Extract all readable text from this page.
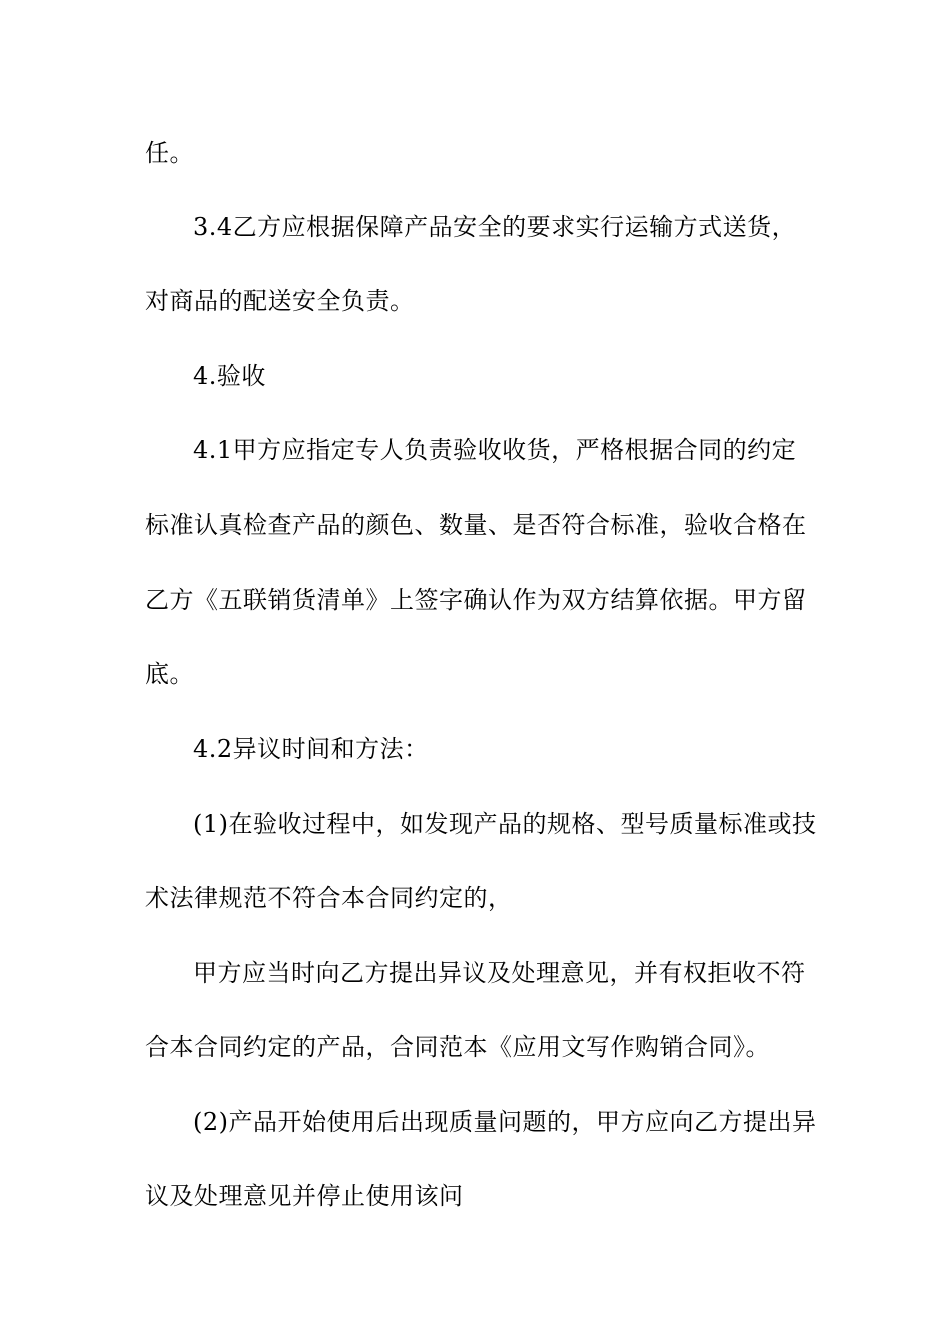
任。
3.4乙方应根据保障产品安全的要求实行运输方式送货，
对商品的配送安全负责。
4.验收
4.1甲方应指定专人负责验收收货，严格根据合同的约定
标准认真检查产品的颜色、数量、是否符合标准，验收合格在
乙方《五联销货清单》上签字确认作为双方结算依据。甲方留
底。
4.2异议时间和方法：
(1)在验收过程中，如发现产品的规格、型号质量标准或技
术法律规范不符合本合同约定的，
甲方应当时向乙方提出异议及处理意见，并有权拒收不符
合本合同约定的产品，合同范本《应用文写作购销合同》。
(2)产品开始使用后出现质量问题的，甲方应向乙方提出异
议及处理意见并停止使用该问
